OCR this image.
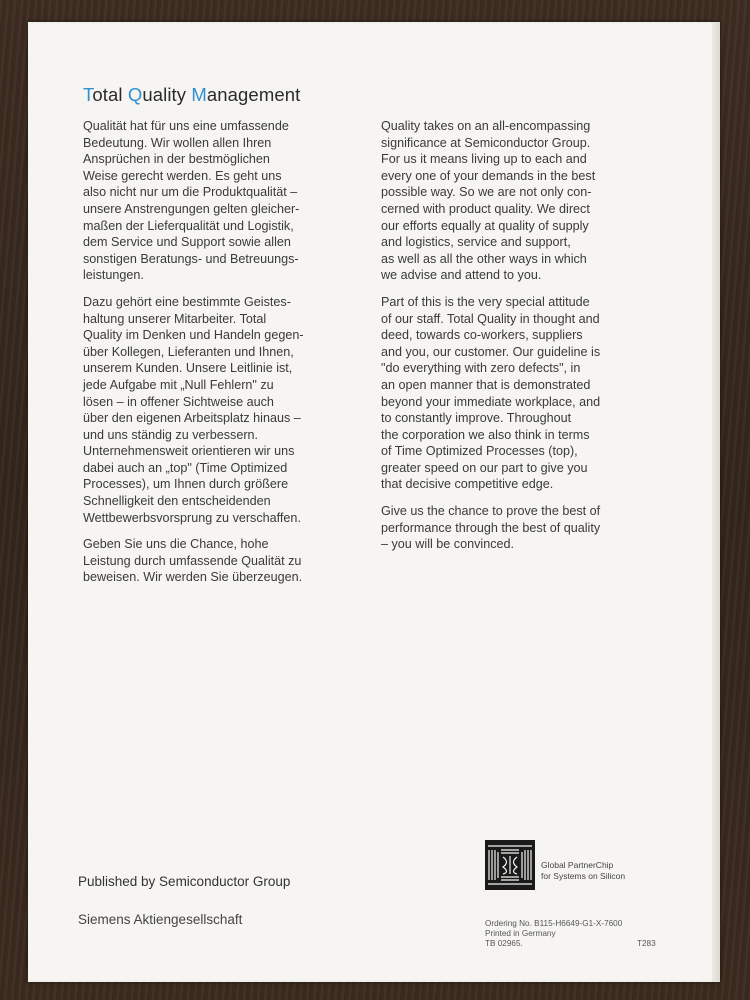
Total Quality Management

Qualität hat für uns eine umfassende
Bedeutung. Wir wollen allen Ihren
Ansprüchen in der bestmöglichen
Weise gerecht werden. Es geht uns
also nicht nur um die Produktqualität –
unsere Anstrengungen gelten gleicher-
maßen der Lieferqualität und Logistik,
dem Service und Support sowie allen
sonstigen Beratungs- und Betreuungs-
leistungen.

Dazu gehört eine bestimmte Geistes-
haltung unserer Mitarbeiter. Total
Quality im Denken und Handeln gegen-
über Kollegen, Lieferanten und Ihnen,
unserem Kunden. Unsere Leitlinie ist,
jede Aufgabe mit „Null Fehlern" zu
lösen – in offener Sichtweise auch
über den eigenen Arbeitsplatz hinaus –
und uns ständig zu verbessern.
Unternehmensweit orientieren wir uns
dabei auch an „top" (Time Optimized
Processes), um Ihnen durch größere
Schnelligkeit den entscheidenden
Wettbewerbsvorsprung zu verschaffen.

Geben Sie uns die Chance, hohe
Leistung durch umfassende Qualität zu
beweisen. Wir werden Sie überzeugen.

Quality takes on an all-encompassing
significance at Semiconductor Group.
For us it means living up to each and
every one of your demands in the best
possible way. So we are not only con-
cerned with product quality. We direct
our efforts equally at quality of supply
and logistics, service and support,
as well as all the other ways in which
we advise and attend to you.

Part of this is the very special attitude
of our staff. Total Quality in thought and
deed, towards co-workers, suppliers
and you, our customer. Our guideline is
"do everything with zero defects", in
an open manner that is demonstrated
beyond your immediate workplace, and
to constantly improve. Throughout
the corporation we also think in terms
of Time Optimized Processes (top),
greater speed on our part to give you
that decisive competitive edge.

Give us the chance to prove the best of
performance through the best of quality
– you will be convinced.

Published by Semiconductor Group
Siemens Aktiengesellschaft
Global PartnerChip
for Systems on Silicon
Ordering No. B115-H6649-G1-X-7600
Printed in Germany
TB 02965.	T283
